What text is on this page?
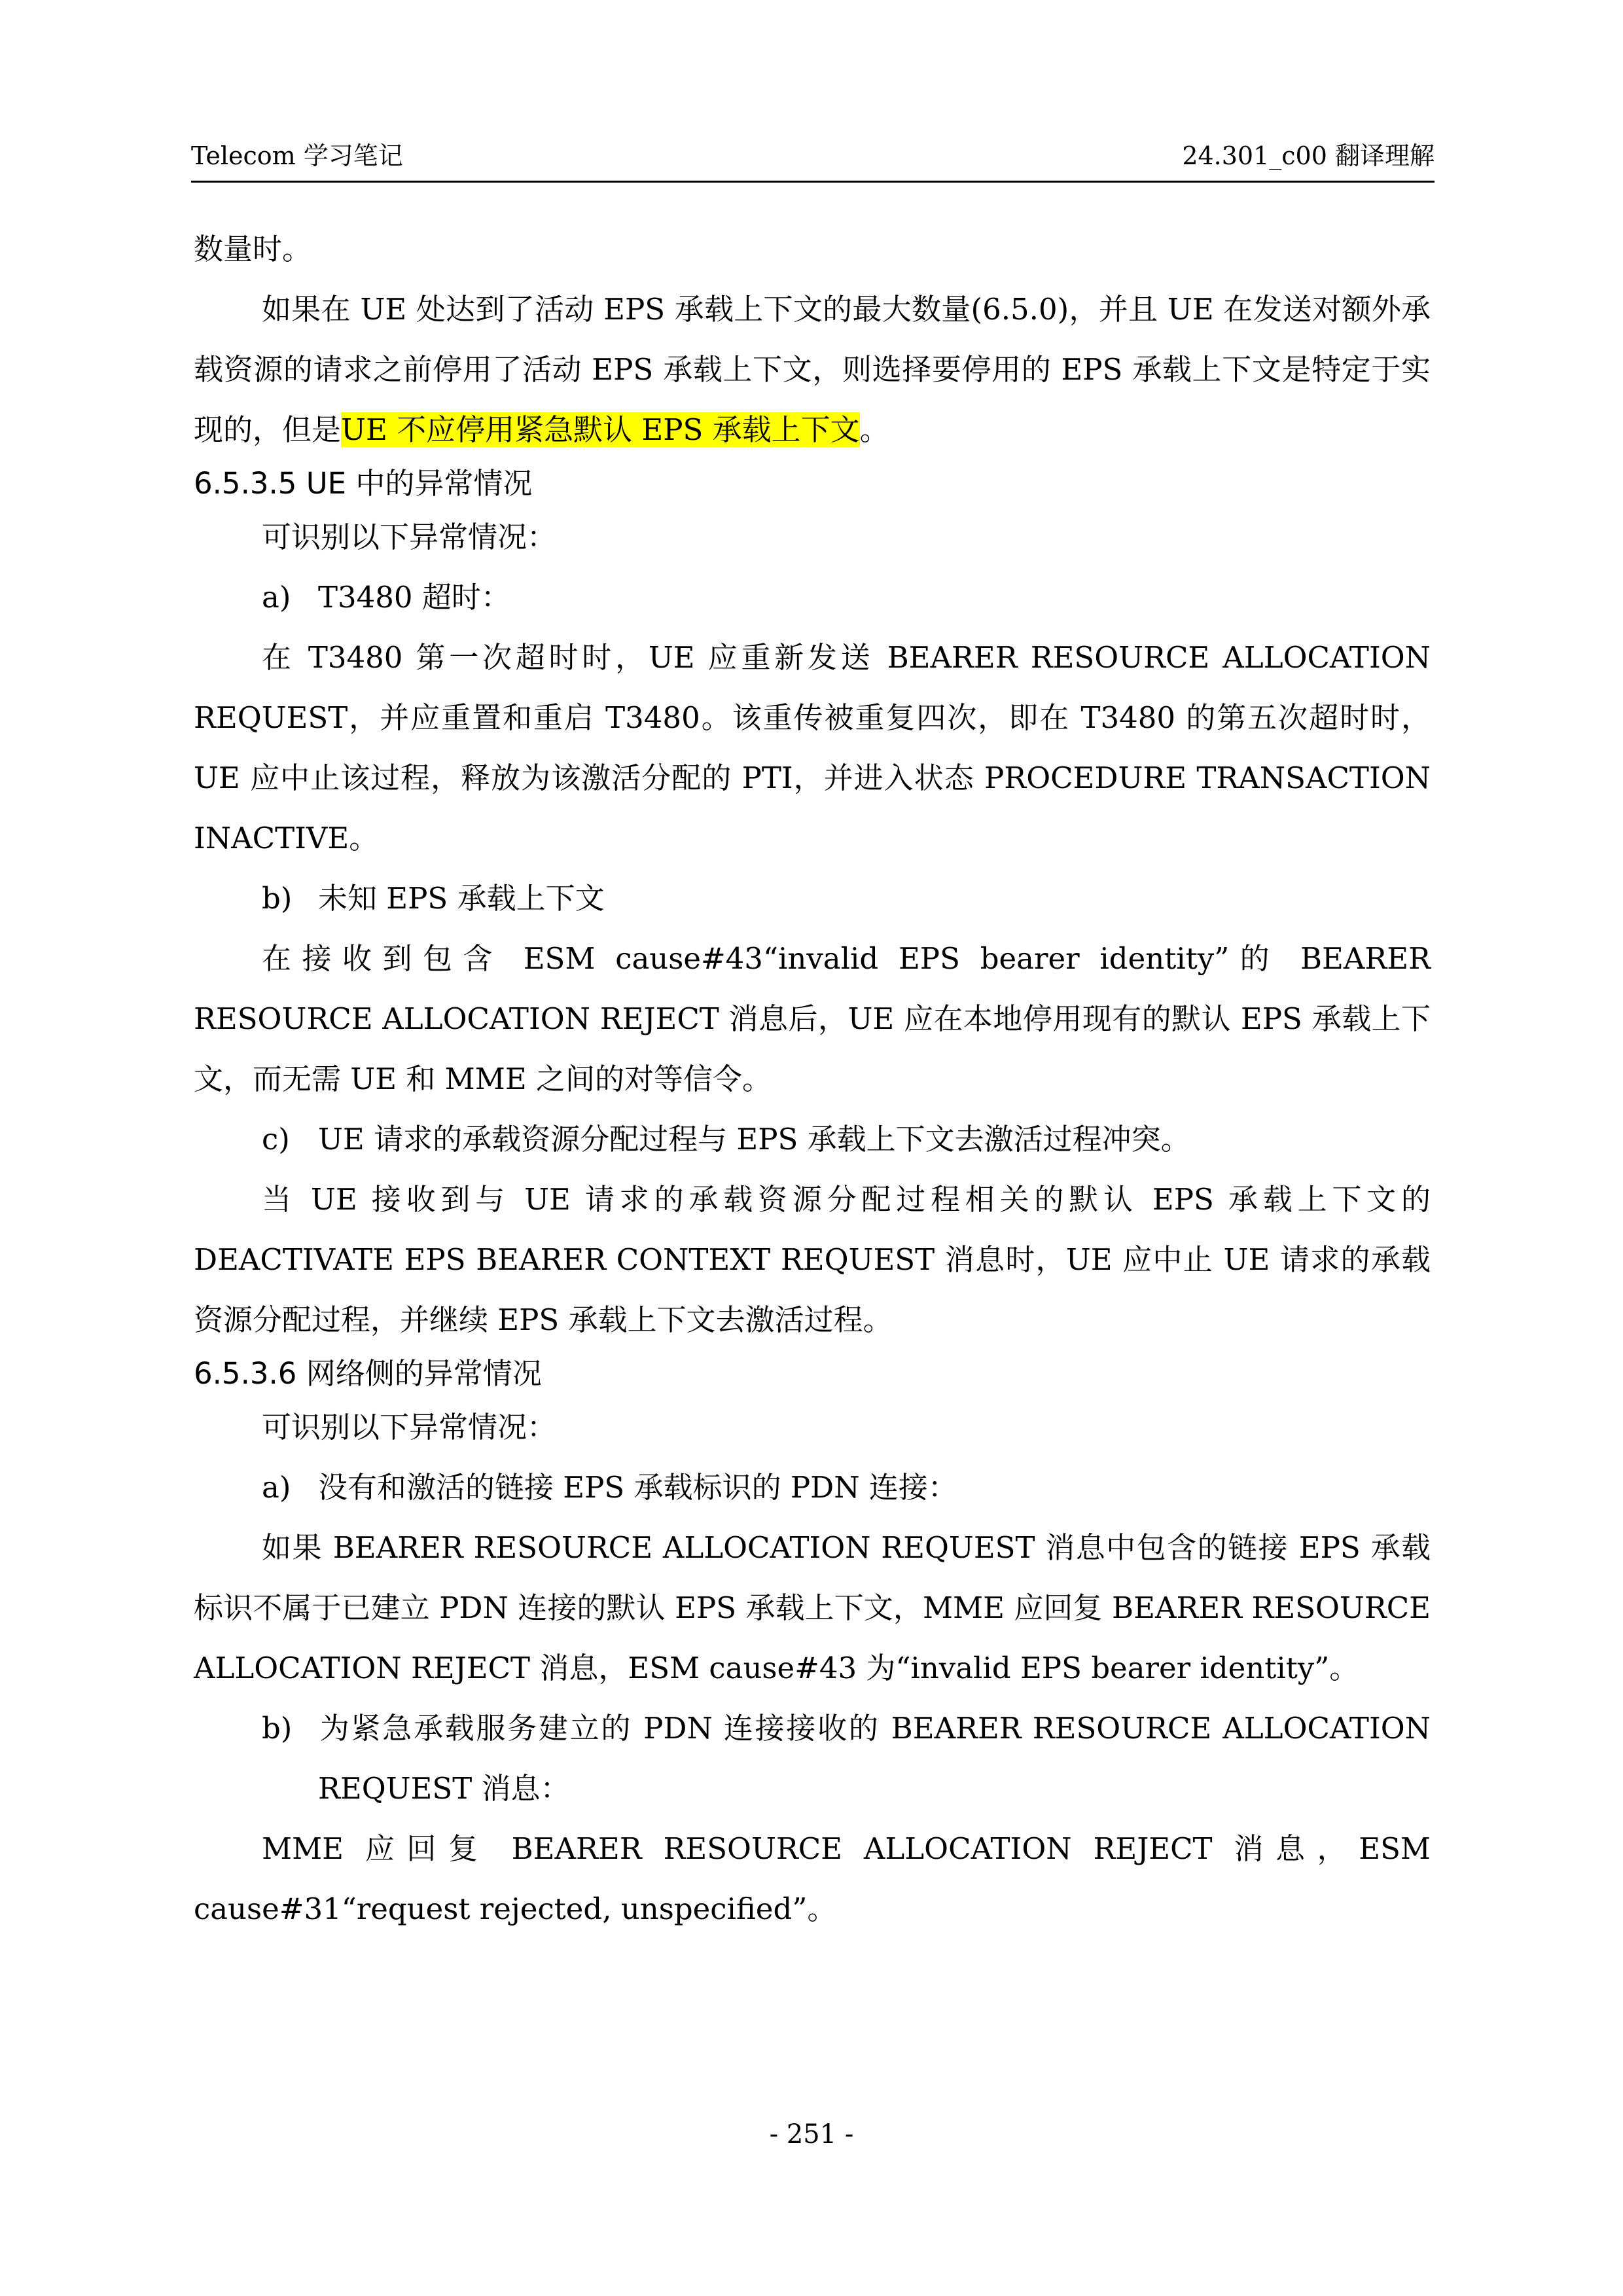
Telecom 学习笔记	24.301_c00 翻译理解

数量时。

如果在 UE 处达到了活动 EPS 承载上下文的最大数量(6.5.0)，并且 UE 在发送对额外承载资源的请求之前停用了活动 EPS 承载上下文，则选择要停用的 EPS 承载上下文是特定于实现的，但是UE 不应停用紧急默认 EPS 承载上下文。

6.5.3.5 UE 中的异常情况

可识别以下异常情况：

a) T3480 超时：

在 T3480 第一次超时时，UE 应重新发送 BEARER RESOURCE ALLOCATION REQUEST，并应重置和重启 T3480。该重传被重复四次，即在 T3480 的第五次超时时，UE 应中止该过程，释放为该激活分配的 PTI，并进入状态 PROCEDURE TRANSACTION INACTIVE。

b) 未知 EPS 承载上下文

在接收到包含 ESM cause#43“invalid EPS bearer identity”的 BEARER RESOURCE ALLOCATION REJECT 消息后，UE 应在本地停用现有的默认 EPS 承载上下文，而无需 UE 和 MME 之间的对等信令。

c) UE 请求的承载资源分配过程与 EPS 承载上下文去激活过程冲突。

当 UE 接收到与 UE 请求的承载资源分配过程相关的默认 EPS 承载上下文的 DEACTIVATE EPS BEARER CONTEXT REQUEST 消息时，UE 应中止 UE 请求的承载资源分配过程，并继续 EPS 承载上下文去激活过程。

6.5.3.6 网络侧的异常情况

可识别以下异常情况：

a) 没有和激活的链接 EPS 承载标识的 PDN 连接：

如果 BEARER RESOURCE ALLOCATION REQUEST 消息中包含的链接 EPS 承载标识不属于已建立 PDN 连接的默认 EPS 承载上下文，MME 应回复 BEARER RESOURCE ALLOCATION REJECT 消息，ESM cause#43 为“invalid EPS bearer identity”。

b) 为紧急承载服务建立的 PDN 连接接收的 BEARER RESOURCE ALLOCATION REQUEST 消息：

MME 应回复 BEARER RESOURCE ALLOCATION REJECT 消息，ESM cause#31“request rejected, unspecified”。

- 251 -
